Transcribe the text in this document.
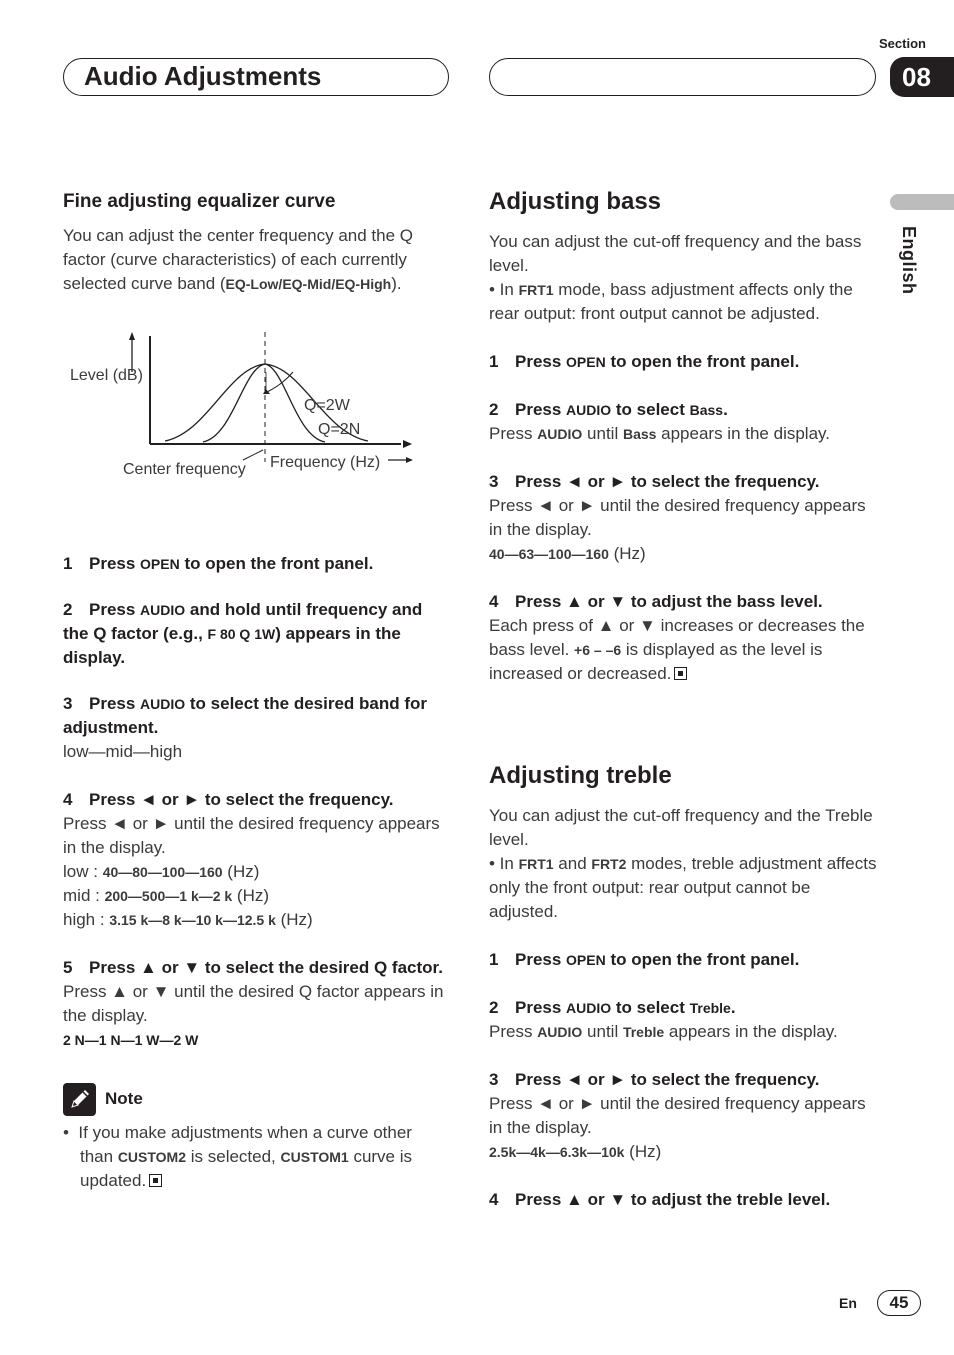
Audio Adjustments
Section
08
English

Fine adjusting equalizer curve

You can adjust the center frequency and the Q factor (curve characteristics) of each currently selected curve band (EQ-Low/EQ-Mid/EQ-High).

Level (dB)
Q=2W
Q=2N
Center frequency Frequency (Hz)

1 Press OPEN to open the front panel.

2 Press AUDIO and hold until frequency and the Q factor (e.g., F 80 Q 1W) appears in the display.

3 Press AUDIO to select the desired band for adjustment.

low—mid—high

4 Press ◄ or ► to select the frequency.

Press ◄ or ► until the desired frequency appears in the display.

low : 40—80—100—160 (Hz)

mid : 200—500—1 k—2 k (Hz)

high : 3.15 k—8 k—10 k—12.5 k (Hz)

5 Press ▲ or ▼ to select the desired Q factor.

Press ▲ or ▼ until the desired Q factor appears in the display.

2 N—1 N—1 W—2 W

Note

• If you make adjustments when a curve other than CUSTOM2 is selected, CUSTOM1 curve is updated.

Adjusting bass

You can adjust the cut-off frequency and the bass level.

• In FRT1 mode, bass adjustment affects only the rear output: front output cannot be adjusted.

1 Press OPEN to open the front panel.

2 Press AUDIO to select Bass.

Press AUDIO until Bass appears in the display.

3 Press ◄ or ► to select the frequency.

Press ◄ or ► until the desired frequency appears in the display.

40—63—100—160 (Hz)

4 Press ▲ or ▼ to adjust the bass level.

Each press of ▲ or ▼ increases or decreases the bass level. +6 – –6 is displayed as the level is increased or decreased.

Adjusting treble

You can adjust the cut-off frequency and the Treble level.

• In FRT1 and FRT2 modes, treble adjustment affects only the front output: rear output cannot be adjusted.

1 Press OPEN to open the front panel.

2 Press AUDIO to select Treble.

Press AUDIO until Treble appears in the display.

3 Press ◄ or ► to select the frequency.

Press ◄ or ► until the desired frequency appears in the display.

2.5k—4k—6.3k—10k (Hz)

4 Press ▲ or ▼ to adjust the treble level.

En	45
